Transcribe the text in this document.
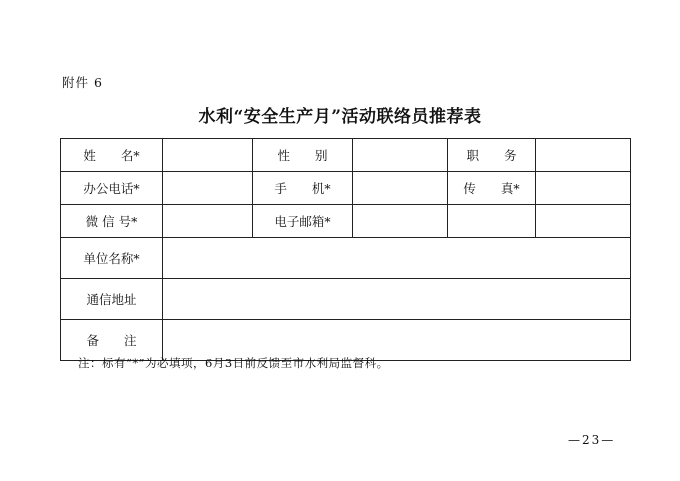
附件 6
水利“安全生产月”活动联络员推荐表
姓　　名*		性　　别		职　　务	
办公电话*		手　　机*		传　　真*	
微 信 号*		电子邮箱*			
单位名称*					
通信地址					
备　　注					
注：标有“*”为必填项，6月3日前反馈至市水利局监督科。
—23—
